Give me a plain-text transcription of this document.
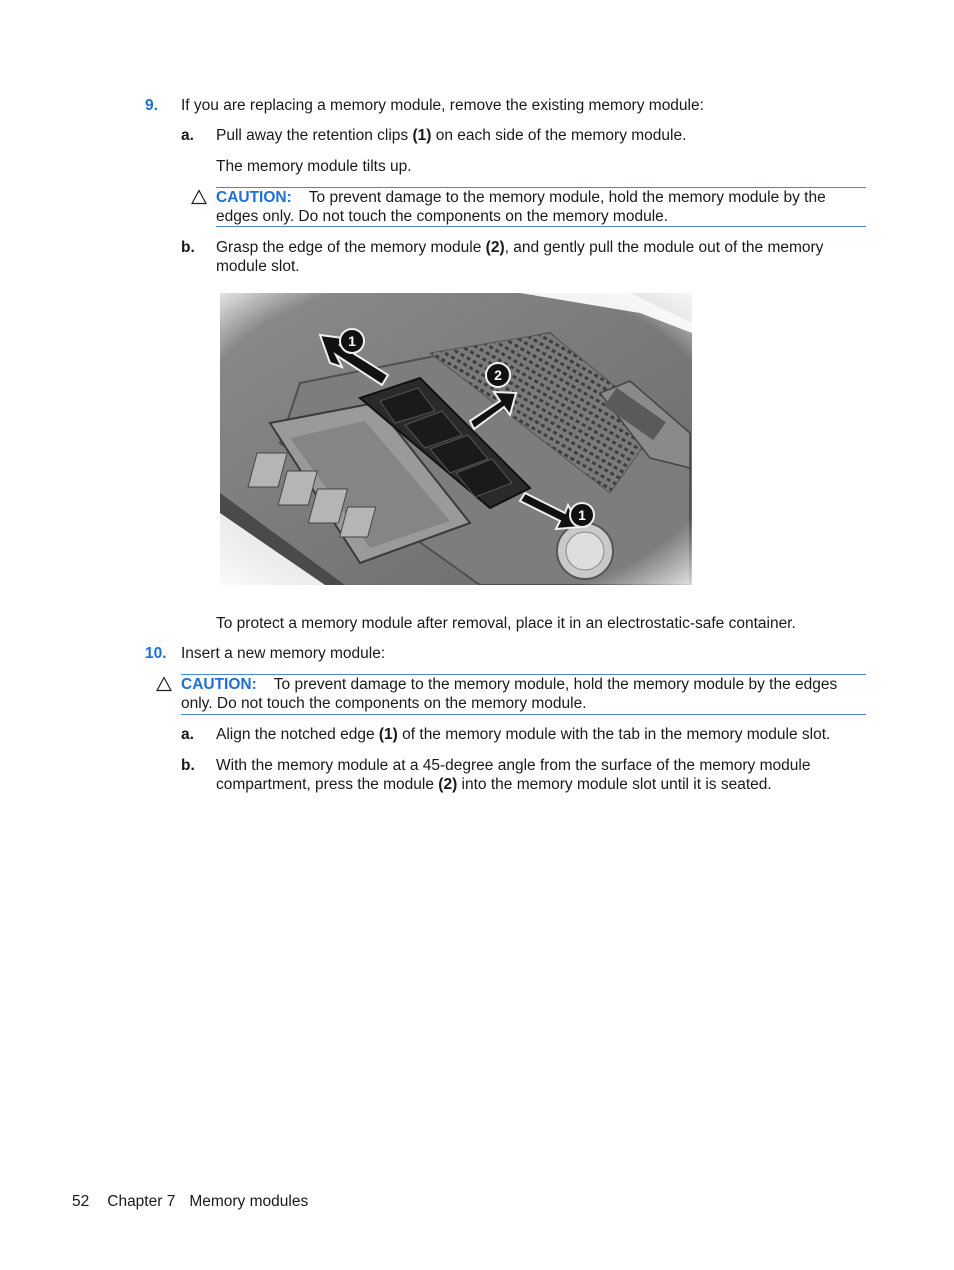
9. If you are replacing a memory module, remove the existing memory module:
a. Pull away the retention clips (1) on each side of the memory module.
The memory module tilts up.
CAUTION: To prevent damage to the memory module, hold the memory module by the
edges only. Do not touch the components on the memory module.
b. Grasp the edge of the memory module (2), and gently pull the module out of the memory
module slot.
To protect a memory module after removal, place it in an electrostatic-safe container.
10. Insert a new memory module:
CAUTION: To prevent damage to the memory module, hold the memory module by the edges
only. Do not touch the components on the memory module.
a. Align the notched edge (1) of the memory module with the tab in the memory module slot.
b. With the memory module at a 45-degree angle from the surface of the memory module
compartment, press the module (2) into the memory module slot until it is seated.
52 Chapter 7 Memory modules
